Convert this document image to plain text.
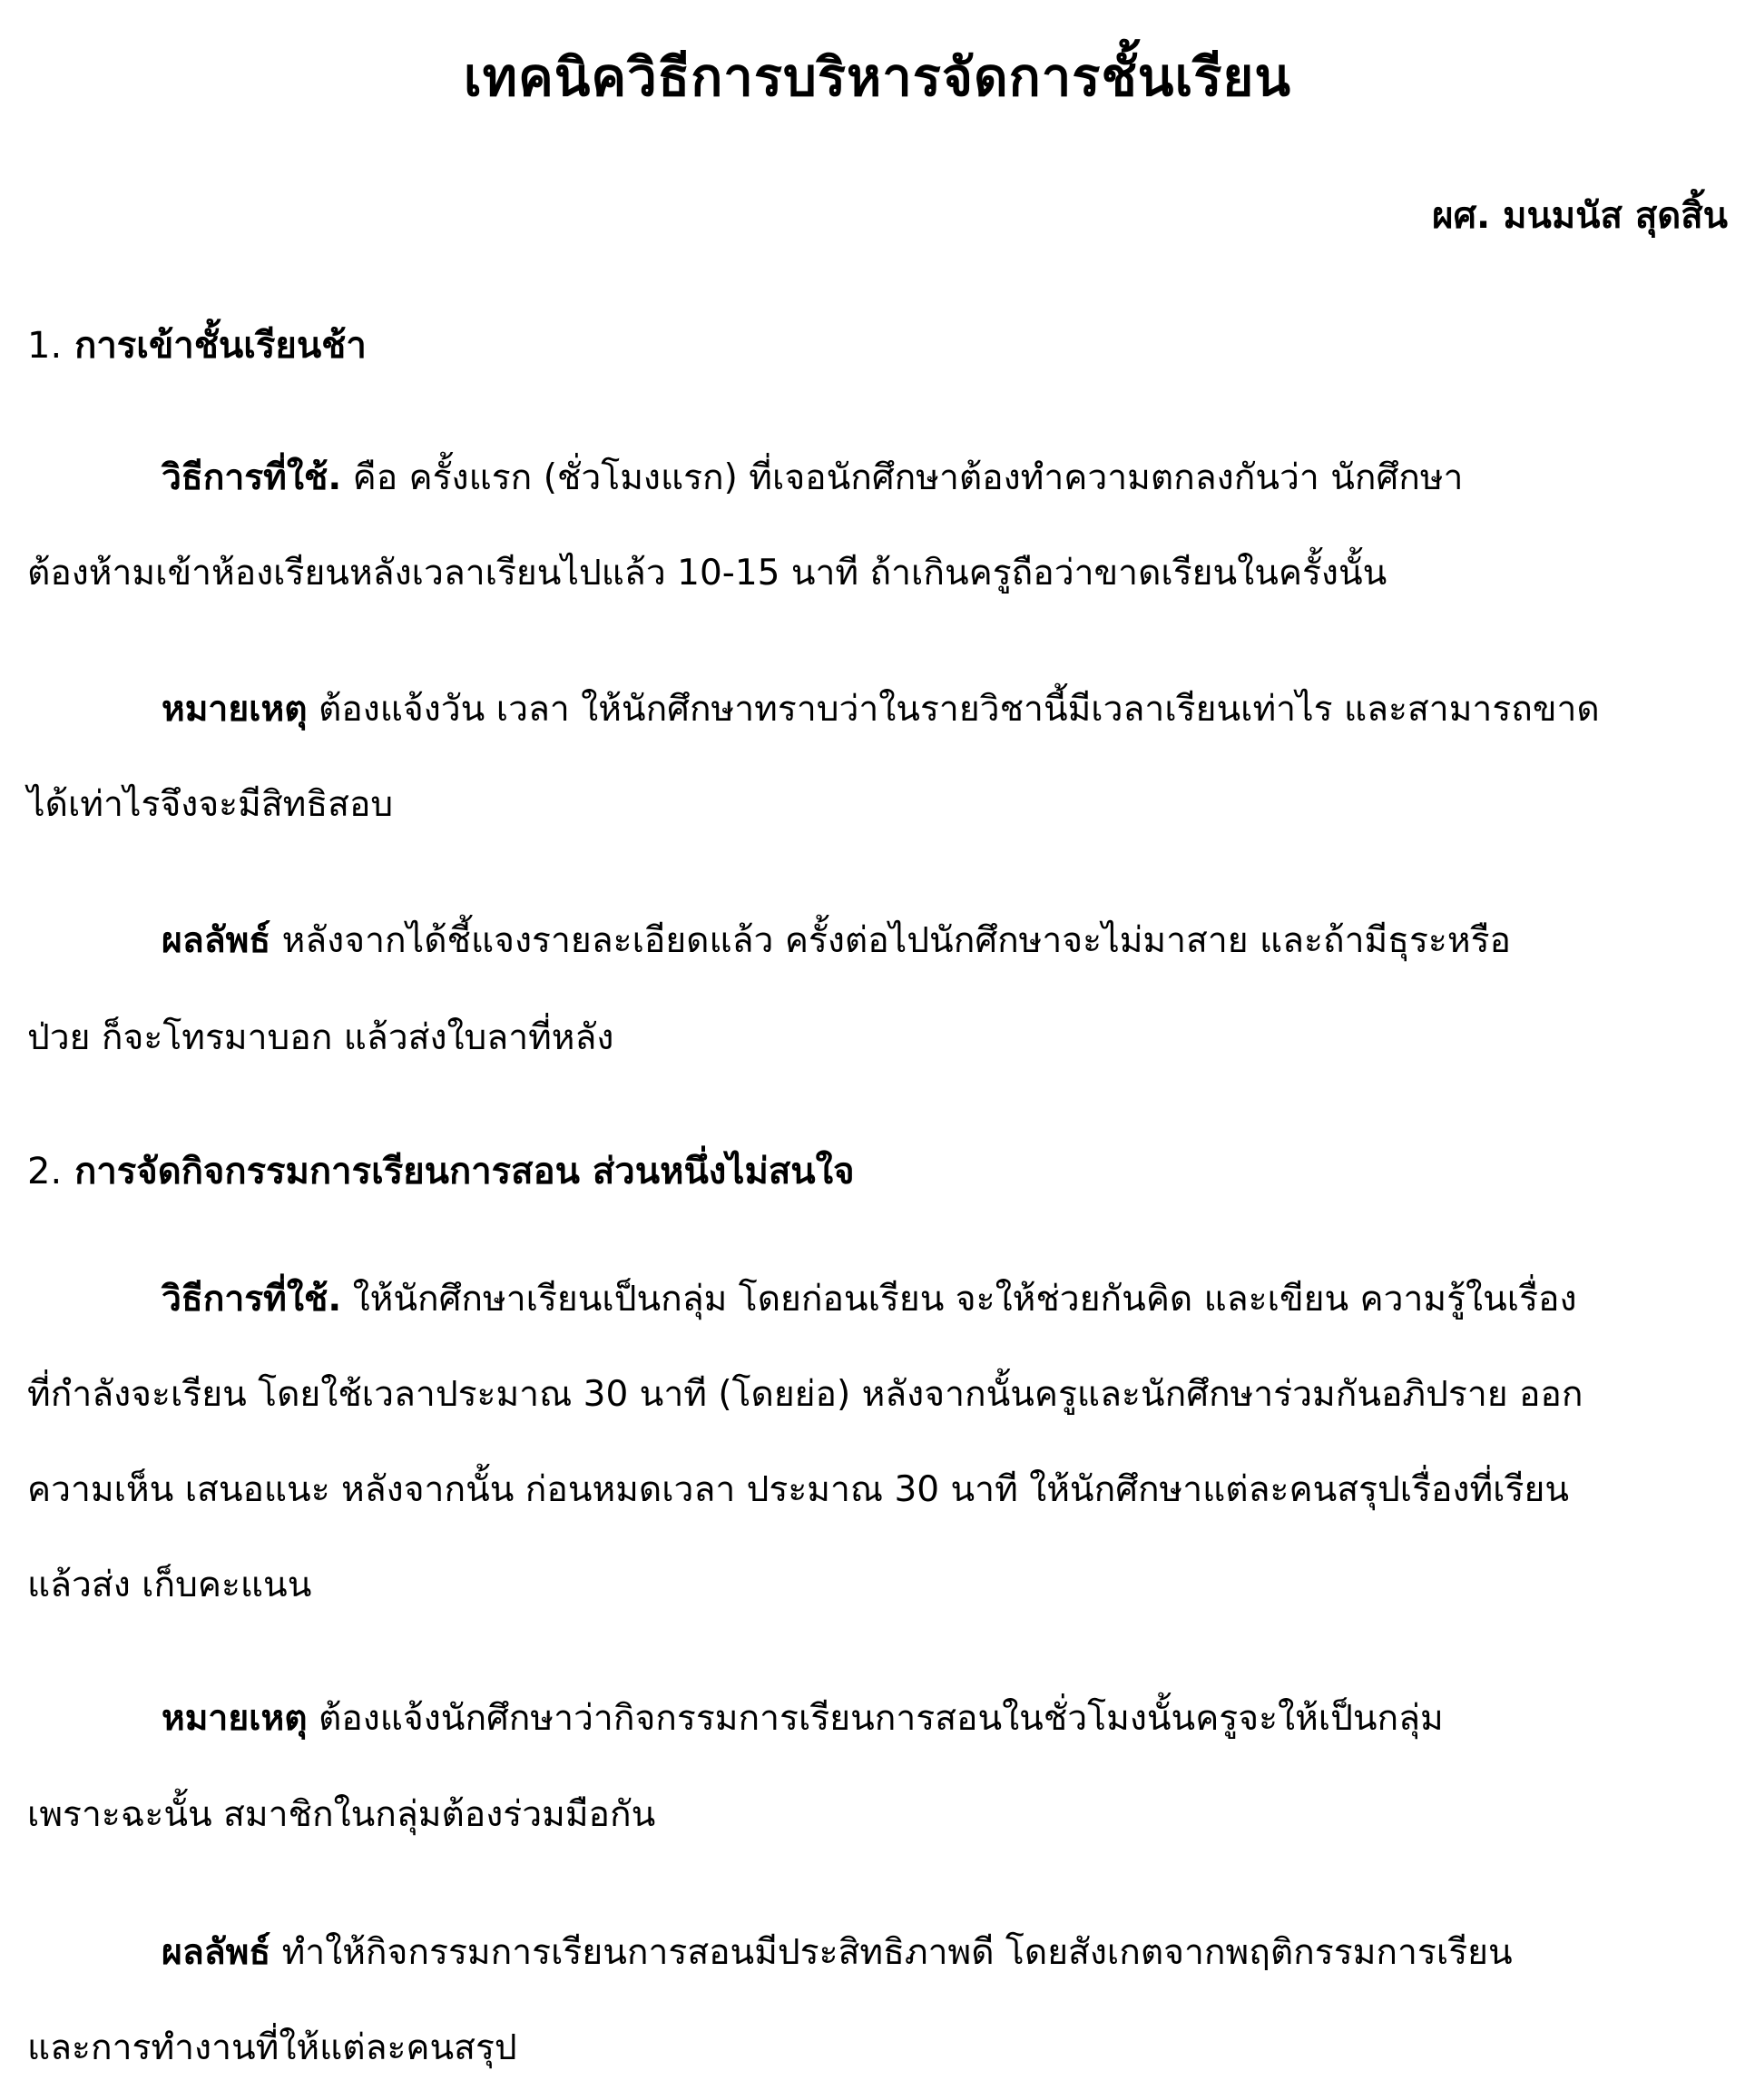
เทคนิควิธีการบริหารจัดการชั้นเรียน
ผศ. มนมนัส สุดสิ้น
1. การเข้าชั้นเรียนช้า
วิธีการที่ใช้. คือ ครั้งแรก (ชั่วโมงแรก) ที่เจอนักศึกษาต้องทำความตกลงกันว่า นักศึกษา
ต้องห้ามเข้าห้องเรียนหลังเวลาเรียนไปแล้ว 10-15 นาที ถ้าเกินครูถือว่าขาดเรียนในครั้งนั้น
หมายเหตุ ต้องแจ้งวัน เวลา ให้นักศึกษาทราบว่าในรายวิชานี้มีเวลาเรียนเท่าไร และสามารถขาด
ได้เท่าไรจึงจะมีสิทธิสอบ
ผลลัพธ์ หลังจากได้ชี้แจงรายละเอียดแล้ว ครั้งต่อไปนักศึกษาจะไม่มาสาย และถ้ามีธุระหรือ
ป่วย ก็จะโทรมาบอก แล้วส่งใบลาที่หลัง
2. การจัดกิจกรรมการเรียนการสอน ส่วนหนึ่งไม่สนใจ
วิธีการที่ใช้. ให้นักศึกษาเรียนเป็นกลุ่ม โดยก่อนเรียน จะให้ช่วยกันคิด และเขียน ความรู้ในเรื่อง
ที่กำลังจะเรียน โดยใช้เวลาประมาณ 30 นาที (โดยย่อ) หลังจากนั้นครูและนักศึกษาร่วมกันอภิปราย ออก
ความเห็น เสนอแนะ หลังจากนั้น ก่อนหมดเวลา ประมาณ 30 นาที ให้นักศึกษาแต่ละคนสรุปเรื่องที่เรียน
แล้วส่ง เก็บคะแนน
หมายเหตุ ต้องแจ้งนักศึกษาว่ากิจกรรมการเรียนการสอนในชั่วโมงนั้นครูจะให้เป็นกลุ่ม
เพราะฉะนั้น สมาชิกในกลุ่มต้องร่วมมือกัน
ผลลัพธ์ ทำให้กิจกรรมการเรียนการสอนมีประสิทธิภาพดี โดยสังเกตจากพฤติกรรมการเรียน
และการทำงานที่ให้แต่ละคนสรุป
